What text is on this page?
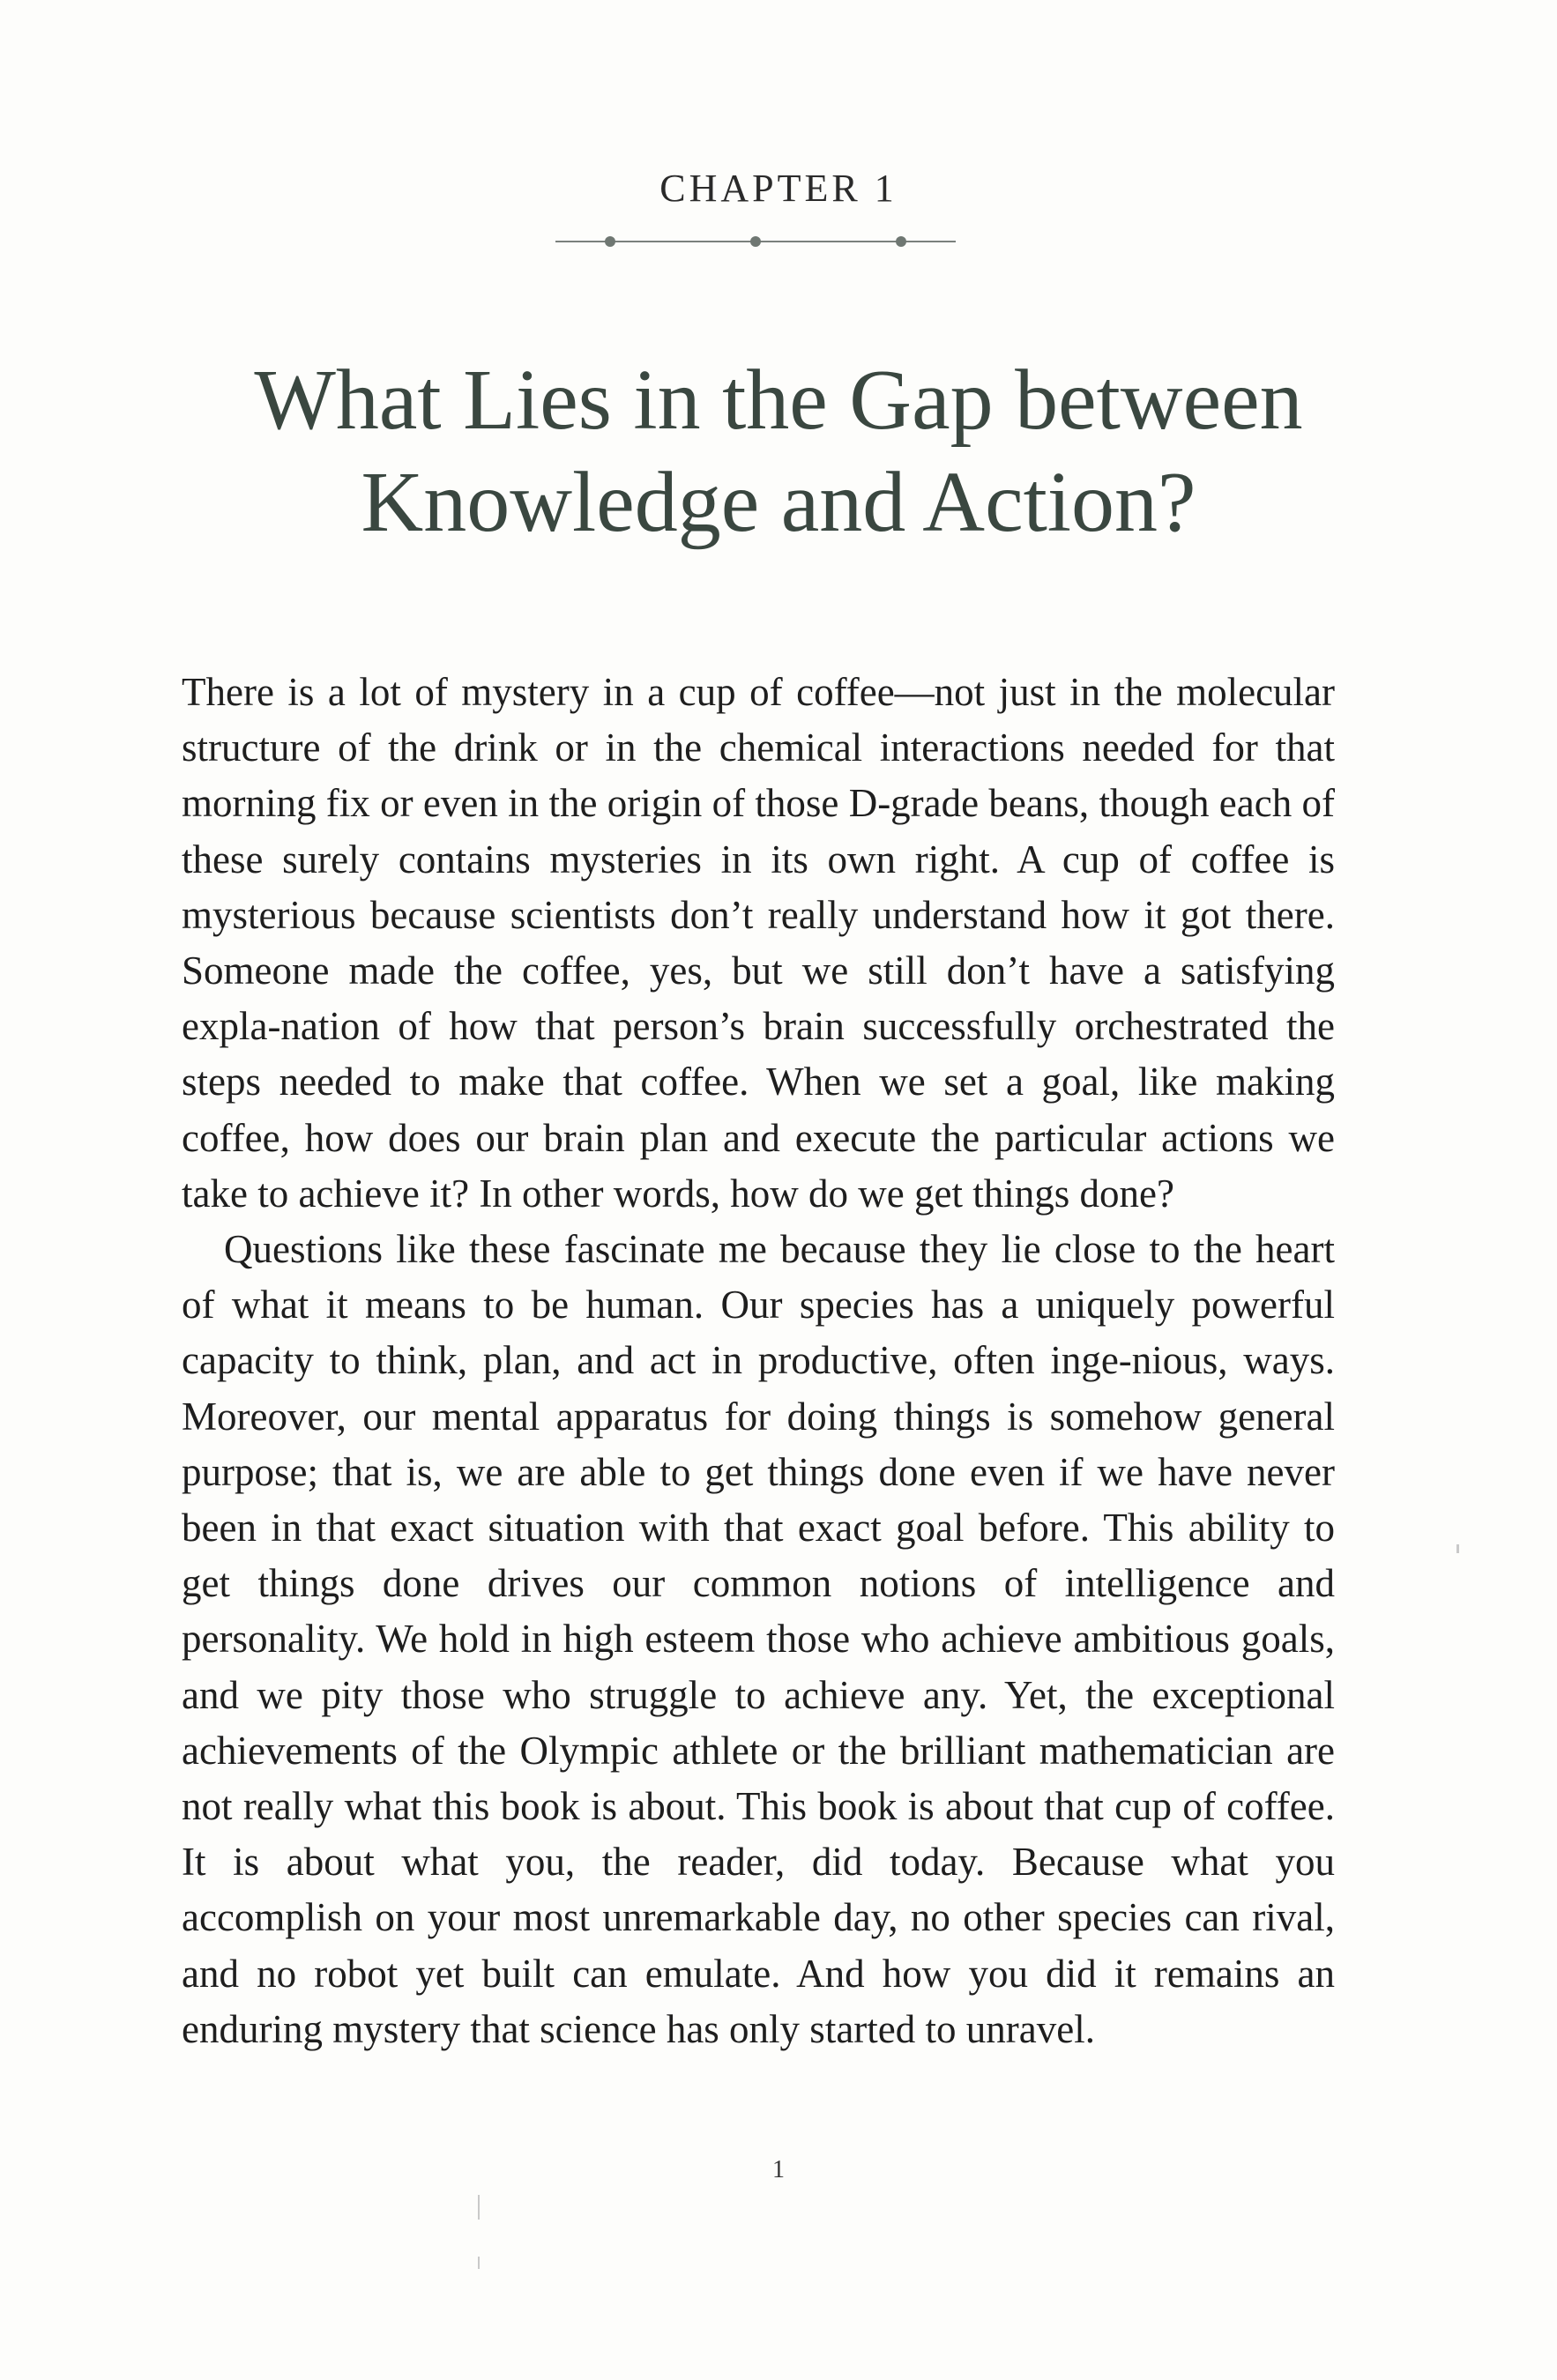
CHAPTER 1
What Lies in the Gap between
Knowledge and Action?

There is a lot of mystery in a cup of coffee—not just in the molecular structure of the drink or in the chemical interactions needed for that morning fix or even in the origin of those D-grade beans, though each of these surely contains mysteries in its own right. A cup of coffee is mysterious because scientists don’t really understand how it got there. Someone made the coffee, yes, but we still don’t have a satisfying expla-nation of how that person’s brain successfully orchestrated the steps needed to make that coffee. When we set a goal, like making coffee, how does our brain plan and execute the particular actions we take to achieve it? In other words, how do we get things done?

Questions like these fascinate me because they lie close to the heart of what it means to be human. Our species has a uniquely powerful capacity to think, plan, and act in productive, often inge-nious, ways. Moreover, our mental apparatus for doing things is somehow general purpose; that is, we are able to get things done even if we have never been in that exact situation with that exact goal before. This ability to get things done drives our common notions of intelligence and personality. We hold in high esteem those who achieve ambitious goals, and we pity those who struggle to achieve any. Yet, the exceptional achievements of the Olympic athlete or the brilliant mathematician are not really what this book is about. This book is about that cup of coffee. It is about what you, the reader, did today. Because what you accomplish on your most unremarkable day, no other species can rival, and no robot yet built can emulate. And how you did it remains an enduring mystery that science has only started to unravel.

1
